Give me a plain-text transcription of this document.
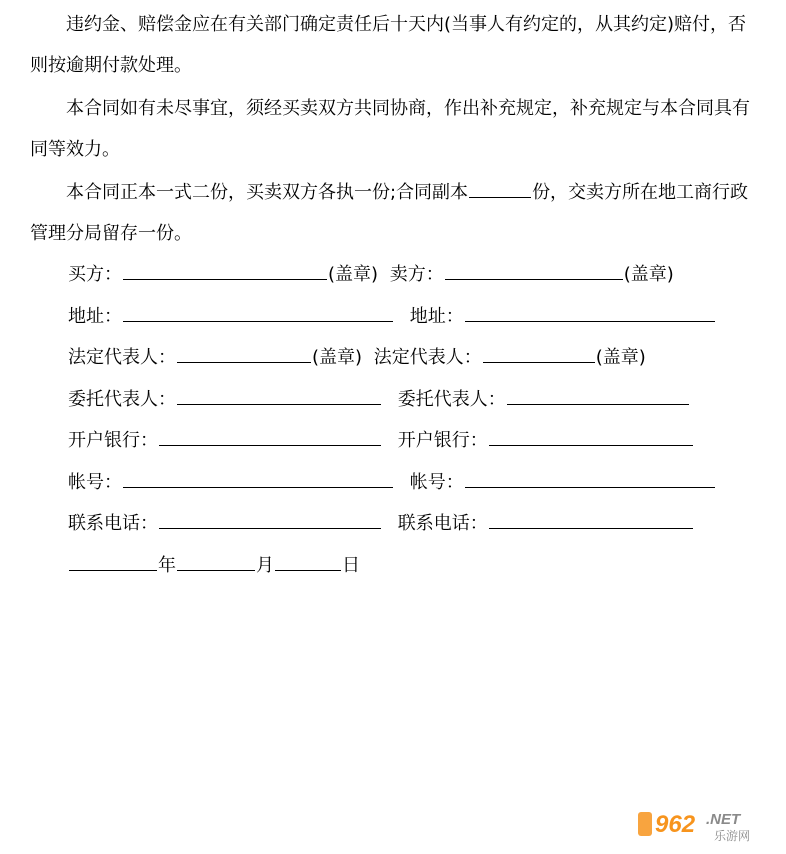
违约金、赔偿金应在有关部门确定责任后十天内(当事人有约定的，从其约定)赔付，否则按逾期付款处理。

本合同如有未尽事宜，须经买卖双方共同协商，作出补充规定，补充规定与本合同具有同等效力。

本合同正本一式二份，买卖双方各执一份;合同副本	份，交卖方所在地工商行政管理分局留存一份。

买方：	(盖章) 卖方：	(盖章)
地址：	地址：
法定代表人：	(盖章) 法定代表人：	(盖章)
委托代表人：	委托代表人：
开户银行：	开户银行：
帐号：	帐号：
联系电话：	联系电话：
年	月	日
962 .NET
乐游网
